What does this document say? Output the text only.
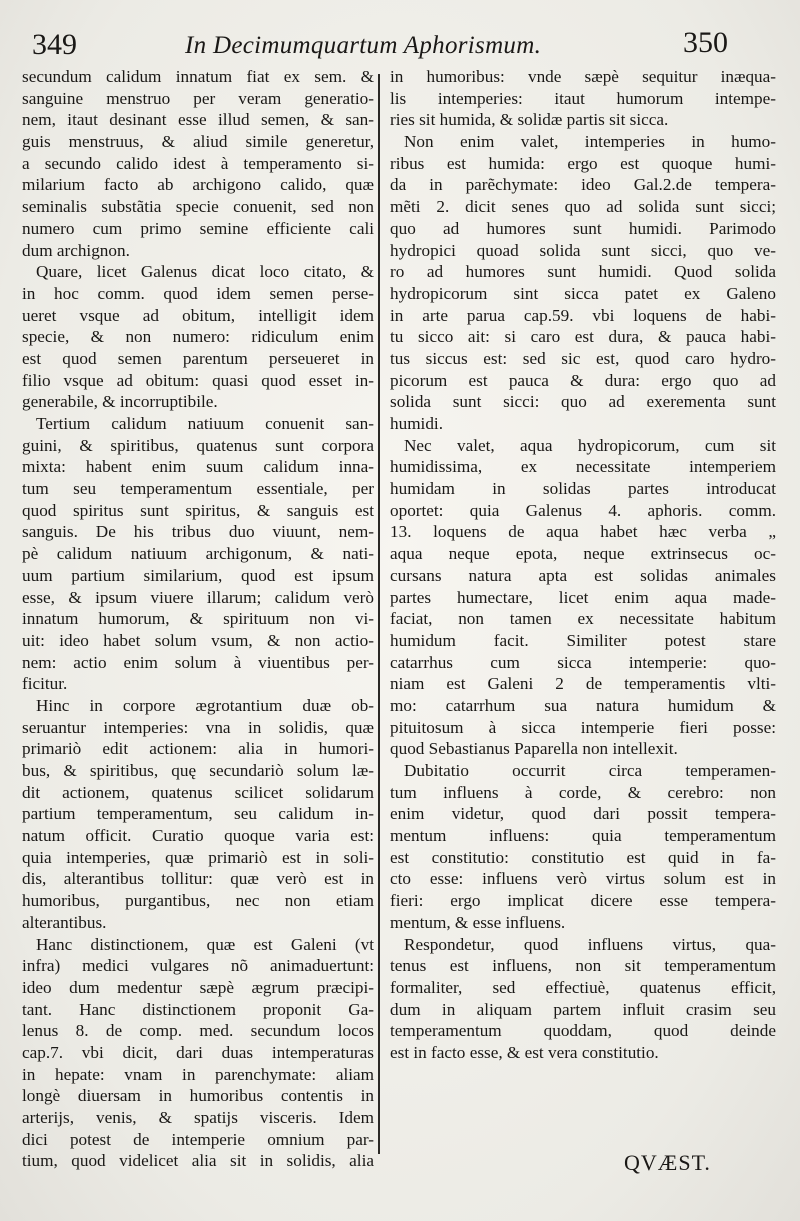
349	In Decimumquartum Aphorismum.	350
secundum calidum innatum fiat ex sem. &
sanguine menstruo per veram generatio-
nem, itaut desinant esse illud semen, & san-
guis menstruus, & aliud simile generetur,
a secundo calido idest à temperamento si-
milarium facto ab archigono calido, quæ
seminalis substãtia specie conuenit, sed non
numero cum primo semine efficiente cali
dum archignon.
Quare, licet Galenus dicat loco citato, &
in hoc comm. quod idem semen perse-
ueret vsque ad obitum, intelligit idem
specie, & non numero: ridiculum enim
est quod semen parentum perseueret in
filio vsque ad obitum: quasi quod esset in-
generabile, & incorruptibile.
Tertium calidum natiuum conuenit san-
guini, & spiritibus, quatenus sunt corpora
mixta: habent enim suum calidum inna-
tum seu temperamentum essentiale, per
quod spiritus sunt spiritus, & sanguis est
sanguis. De his tribus duo viuunt, nem-
pè calidum natiuum archigonum, & nati-
uum partium similarium, quod est ipsum
esse, & ipsum viuere illarum; calidum verò
innatum humorum, & spirituum non vi-
uit: ideo habet solum vsum, & non actio-
nem: actio enim solum à viuentibus per-
ficitur.
Hinc in corpore ægrotantium duæ ob-
seruantur intemperies: vna in solidis, quæ
primariò edit actionem: alia in humori-
bus, & spiritibus, quę secundariò solum læ-
dit actionem, quatenus scilicet solidarum
partium temperamentum, seu calidum in-
natum officit. Curatio quoque varia est:
quia intemperies, quæ primariò est in soli-
dis, alterantibus tollitur: quæ verò est in
humoribus, purgantibus, nec non etiam
alterantibus.
Hanc distinctionem, quæ est Galeni (vt
infra) medici vulgares nõ animaduertunt:
ideo dum medentur sæpè ægrum præcipi-
tant. Hanc distinctionem proponit Ga-
lenus 8. de comp. med. secundum locos
cap.7. vbi dicit, dari duas intemperaturas
in hepate: vnam in parenchymate: aliam
longè diuersam in humoribus contentis in
arterijs, venis, & spatijs visceris. Idem
dici potest de intemperie omnium par-
tium, quod videlicet alia sit in solidis, alia
in humoribus: vnde sæpè sequitur inæqua-
lis intemperies: itaut humorum intempe-
ries sit humida, & solidæ partis sit sicca.
Non enim valet, intemperies in humo-
ribus est humida: ergo est quoque humi-
da in parẽchymate: ideo Gal.2.de tempera-
mẽti 2. dicit senes quo ad solida sunt sicci;
quo ad humores sunt humidi. Parimodo
hydropici quoad solida sunt sicci, quo ve-
ro ad humores sunt humidi. Quod solida
hydropicorum sint sicca patet ex Galeno
in arte parua cap.59. vbi loquens de habi-
tu sicco ait: si caro est dura, & pauca habi-
tus siccus est: sed sic est, quod caro hydro-
picorum est pauca & dura: ergo quo ad
solida sunt sicci: quo ad exerementa sunt
humidi.
Nec valet, aqua hydropicorum, cum sit
humidissima, ex necessitate intemperiem
humidam in solidas partes introducat
oportet: quia Galenus 4. aphoris. comm.
13. loquens de aqua habet hæc verba „
aqua neque epota, neque extrinsecus oc-
cursans natura apta est solidas animales
partes humectare, licet enim aqua made-
faciat, non tamen ex necessitate habitum
humidum facit. Similiter potest stare
catarrhus cum sicca intemperie: quo-
niam est Galeni 2 de temperamentis vlti-
mo: catarrhum sua natura humidum &
pituitosum à sicca intemperie fieri posse:
quod Sebastianus Paparella non intellexit.
Dubitatio occurrit circa temperamen-
tum influens à corde, & cerebro: non
enim videtur, quod dari possit tempera-
mentum influens: quia temperamentum
est constitutio: constitutio est quid in fa-
cto esse: influens verò virtus solum est in
fieri: ergo implicat dicere esse tempera-
mentum, & esse influens.
Respondetur, quod influens virtus, qua-
tenus est influens, non sit temperamentum
formaliter, sed effectiuè, quatenus efficit,
dum in aliquam partem influit crasim seu
temperamentum quoddam, quod deinde
est in facto esse, & est vera constitutio.
QVÆST.
